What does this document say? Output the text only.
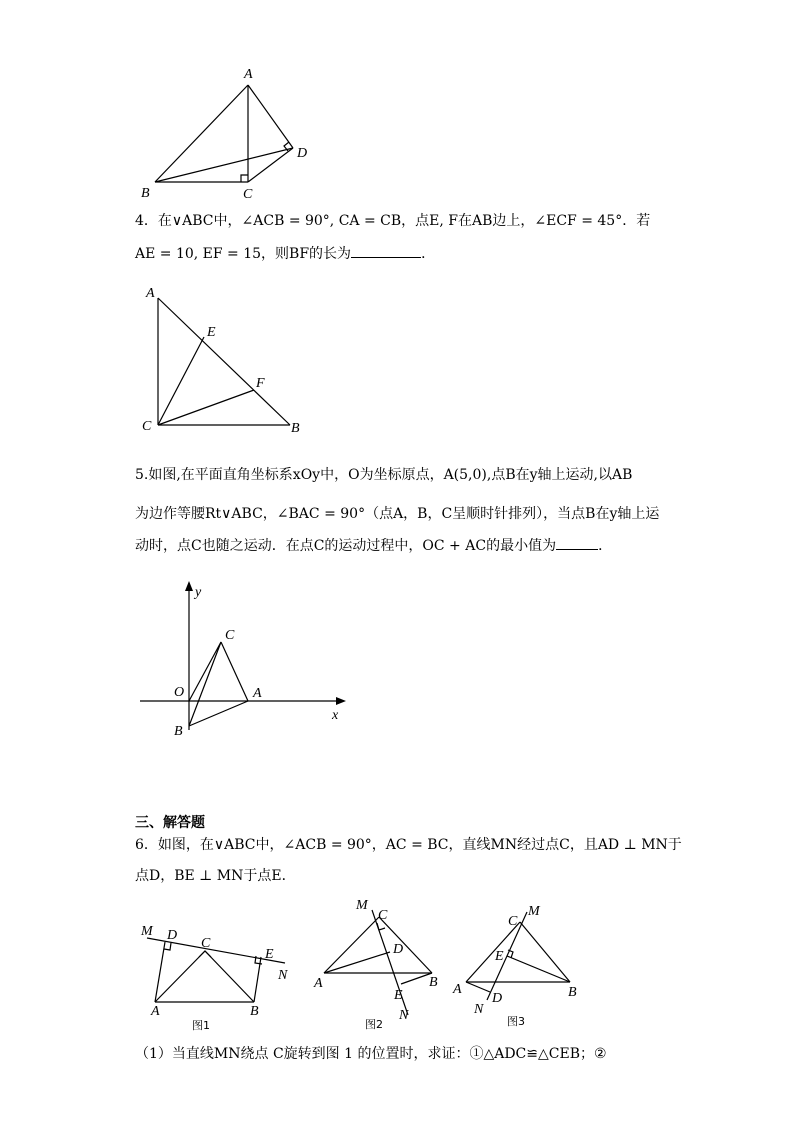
A
B	C
D
4．在∨ABC中，∠ACB = 90°, CA = CB，点E, F在AB边上，∠ECF = 45°．若
AE = 10, EF = 15，则BF的长为	．
A
E
F
C	B
5.如图,在平面直角坐标系xOy中，O为坐标原点，A(5,0),点B在y轴上运动,以AB
为边作等腰Rt∨ABC，∠BAC = 90°（点A，B，C呈顺时针排列），当点B在y轴上运
动时，点C也随之运动．在点C的运动过程中，OC + AC的最小值为	．
y
x
O	A
B
C
三、解答题
6．如图，在∨ABC中，∠ACB = 90°，AC = BC，直线MN经过点C，且AD ⊥ MN于
点D，BE ⊥ MN于点E．
M D
C
E
N
A	B
图1
M
C
D
A	B
E
N
图2
M
C
E
A	B
D
N
图3
（1）当直线MN绕点 C旋转到图 1 的位置时，求证：①△ADC≌△CEB；②
